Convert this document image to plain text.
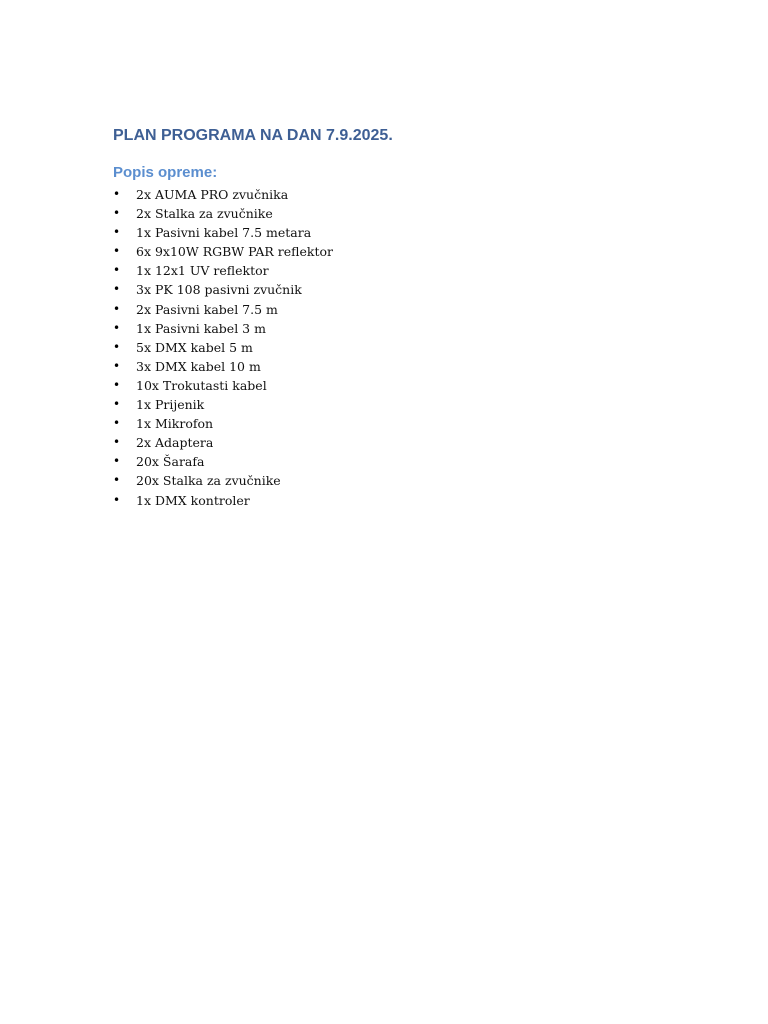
PLAN PROGRAMA NA DAN 7.9.2025.
Popis opreme:
• 2x AUMA PRO zvučnika
• 2x Stalka za zvučnike
• 1x Pasivni kabel 7.5 metara
• 6x 9x10W RGBW PAR reflektor
• 1x 12x1 UV reflektor
• 3x PK 108 pasivni zvučnik
• 2x Pasivni kabel 7.5 m
• 1x Pasivni kabel 3 m
• 5x DMX kabel 5 m
• 3x DMX kabel 10 m
• 10x Trokutasti kabel
• 1x Prijenik
• 1x Mikrofon
• 2x Adaptera
• 20x Šarafa
• 20x Stalka za zvučnike
• 1x DMX kontroler
